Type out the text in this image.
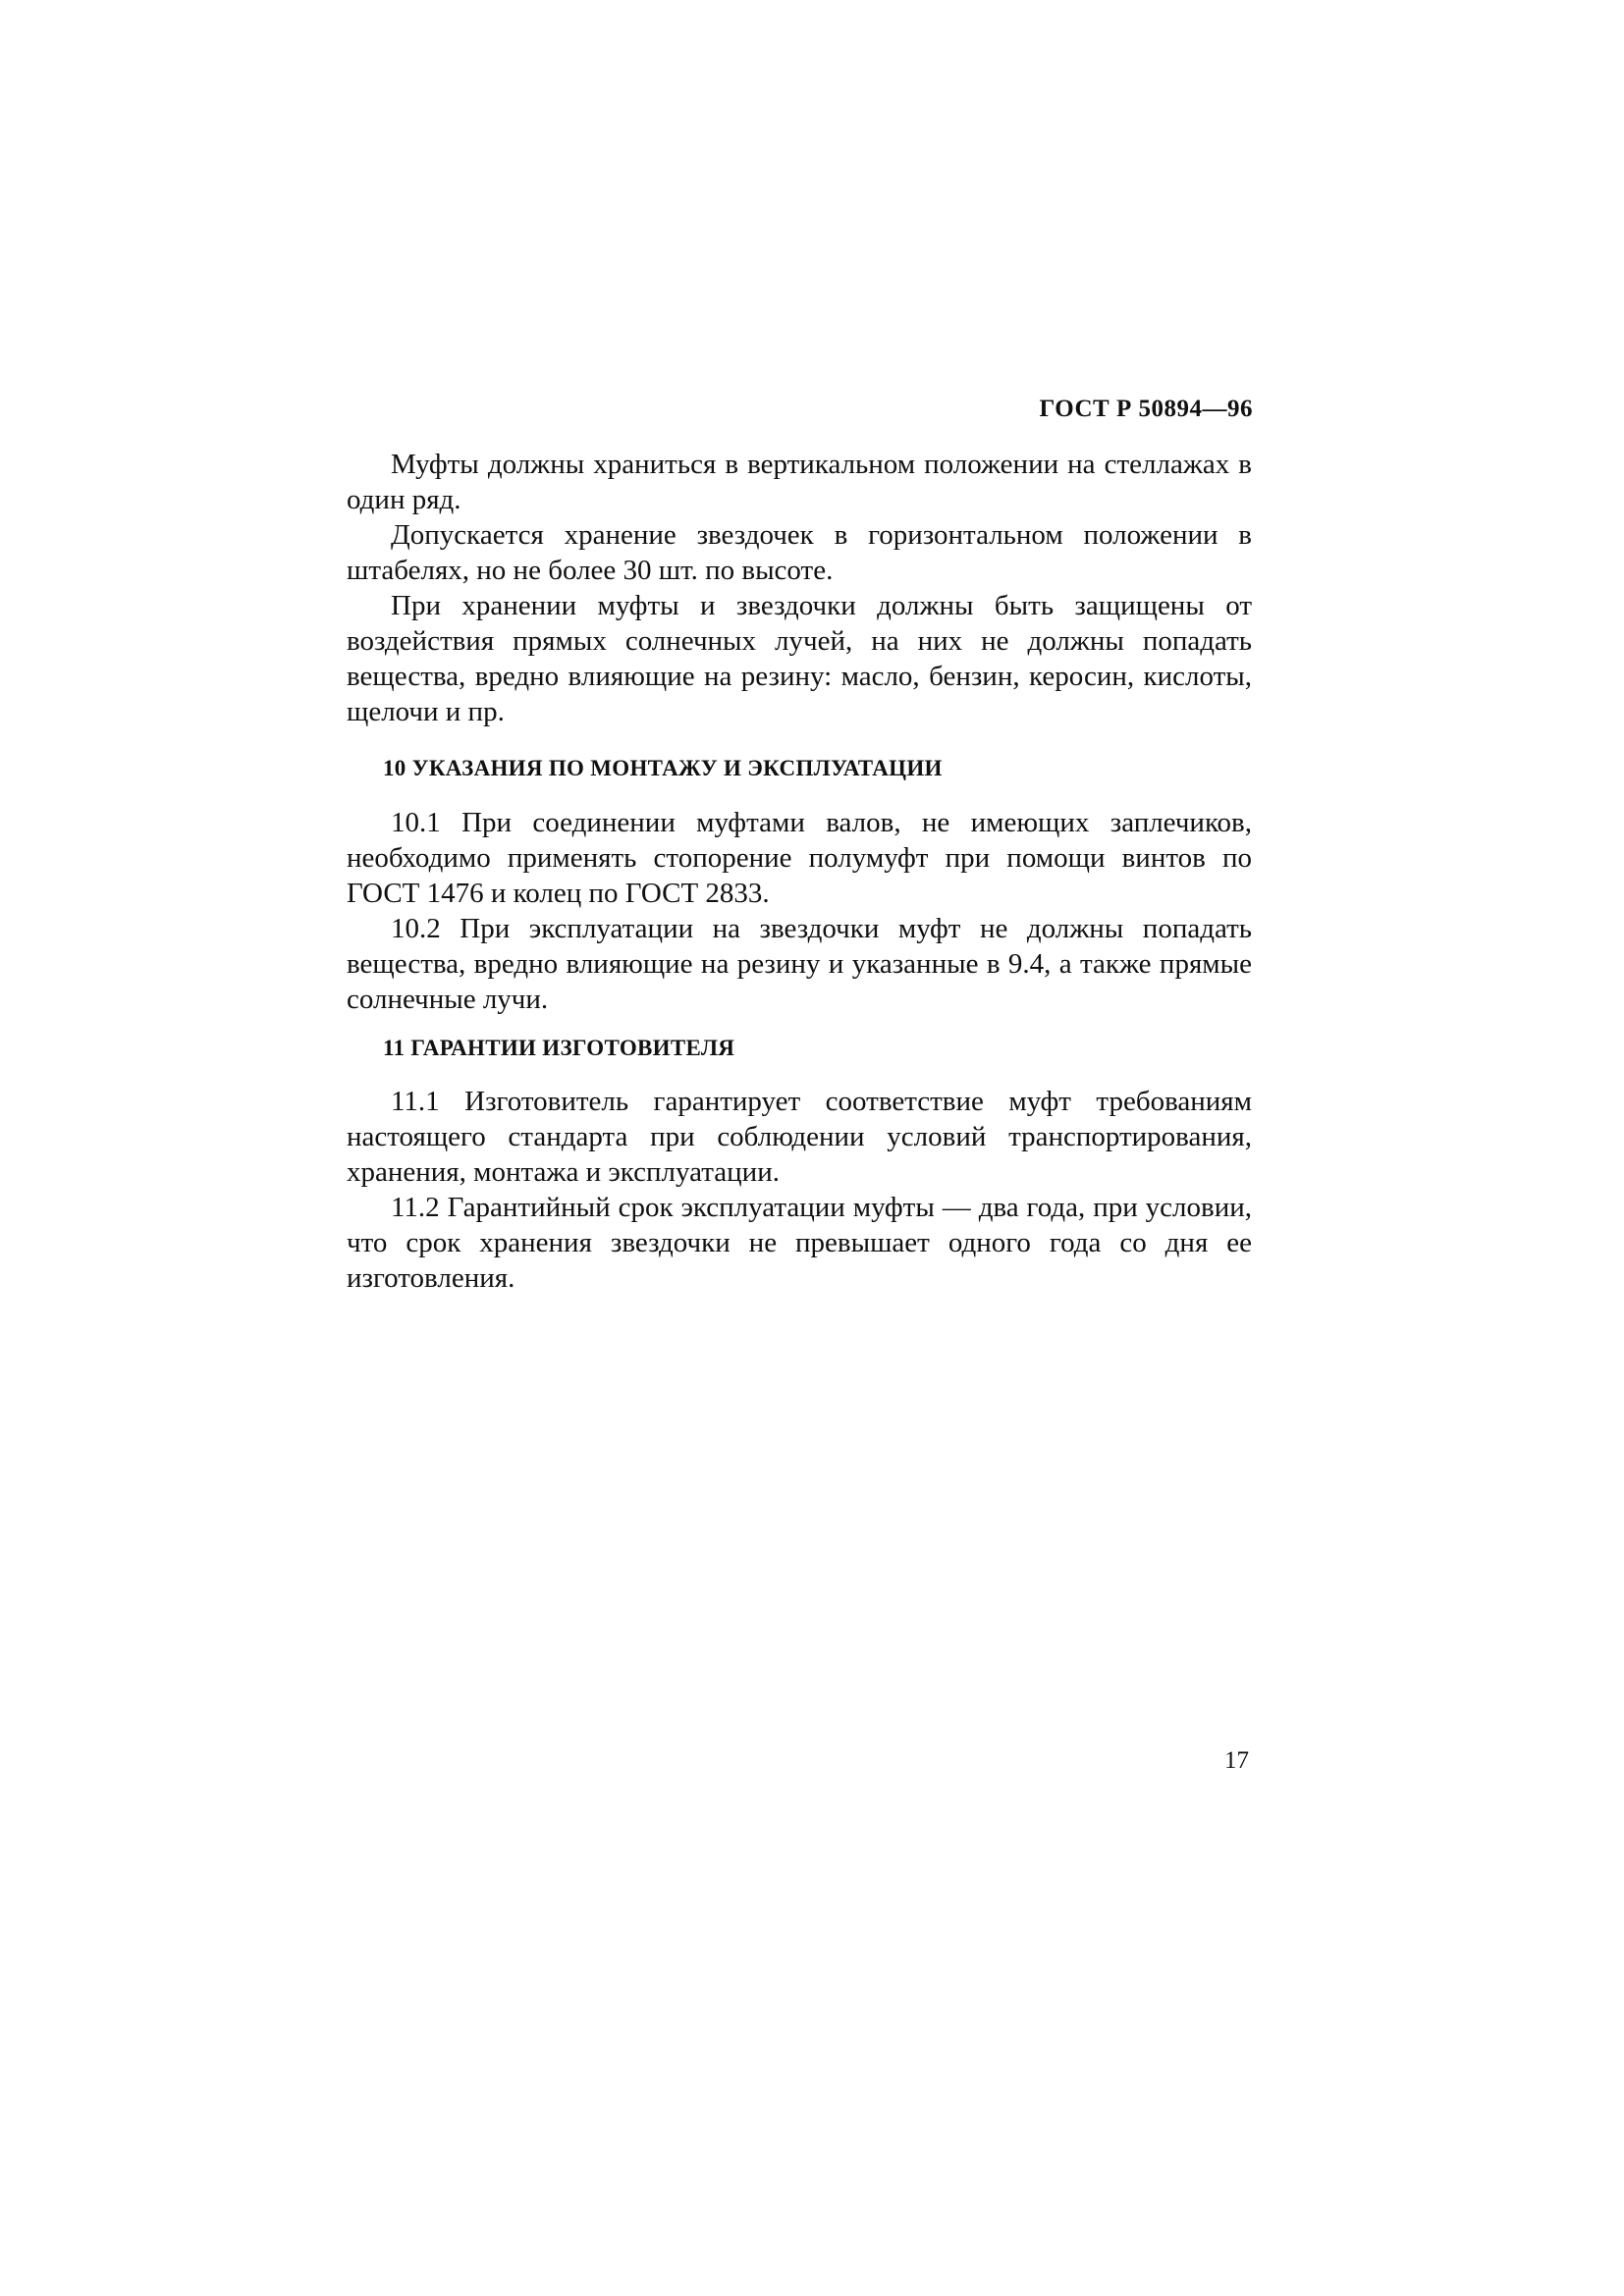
ГОСТ Р 50894—96

Муфты должны храниться в вертикальном положении на стеллажах в один ряд.

Допускается хранение звездочек в горизонтальном положении в штабелях, но не более 30 шт. по высоте.

При хранении муфты и звездочки должны быть защищены от воздействия прямых солнечных лучей, на них не должны попадать вещества, вредно влияющие на резину: масло, бензин, керосин, кислоты, щелочи и пр.

10 УКАЗАНИЯ ПО МОНТАЖУ И ЭКСПЛУАТАЦИИ

10.1 При соединении муфтами валов, не имеющих заплечиков, необходимо применять стопорение полумуфт при помощи винтов по ГОСТ 1476 и колец по ГОСТ 2833.

10.2 При эксплуатации на звездочки муфт не должны попадать вещества, вредно влияющие на резину и указанные в 9.4, а также прямые солнечные лучи.

11 ГАРАНТИИ ИЗГОТОВИТЕЛЯ

11.1 Изготовитель гарантирует соответствие муфт требованиям настоящего стандарта при соблюдении условий транспортирования, хранения, монтажа и эксплуатации.

11.2 Гарантийный срок эксплуатации муфты — два года, при условии, что срок хранения звездочки не превышает одного года со дня ее изготовления.

17
